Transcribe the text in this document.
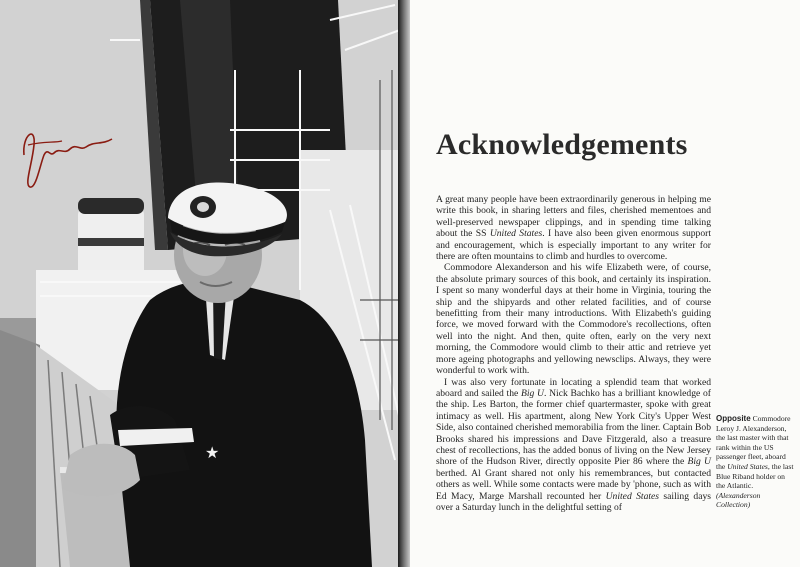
★
Acknowledgements

A great many people have been extraordinarily generous in helping me write this book, in sharing letters and files, cherished mementoes and well-preserved newspaper clippings, and in spending time talking about the SS United States. I have also been given enormous support and encouragement, which is especially important to any writer for there are often mountains to climb and hurdles to overcome.

Commodore Alexanderson and his wife Elizabeth were, of course, the absolute primary sources of this book, and certainly its inspiration. I spent so many wonderful days at their home in Virginia, touring the ship and the shipyards and other related facilities, and of course benefitting from their many introductions. With Elizabeth's guiding force, we moved forward with the Commodore's recollections, often well into the night. And then, quite often, early on the very next morning, the Commodore would climb to their attic and retrieve yet more ageing photographs and yellowing newsclips. Always, they were wonderful to work with.

I was also very fortunate in locating a splendid team that worked aboard and sailed the Big U. Nick Bachko has a brilliant knowledge of the ship. Les Barton, the former chief quartermaster, spoke with great intimacy as well. His apartment, along New York City's Upper West Side, also contained cherished memorabilia from the liner. Captain Bob Brooks shared his impressions and Dave Fitzgerald, also a treasure chest of recollections, has the added bonus of living on the New Jersey shore of the Hudson River, directly opposite Pier 86 where the Big U berthed. Al Grant shared not only his remembrances, but contacted others as well. While some contacts were made by 'phone, such as with Ed Macy, Marge Marshall recounted her United States sailing days over a Saturday lunch in the delightful setting of

Opposite Commodore Leroy J. Alexanderson, the last master with that rank within the US passenger fleet, aboard the United States, the last Blue Riband holder on the Atlantic. (Alexanderson Collection)
